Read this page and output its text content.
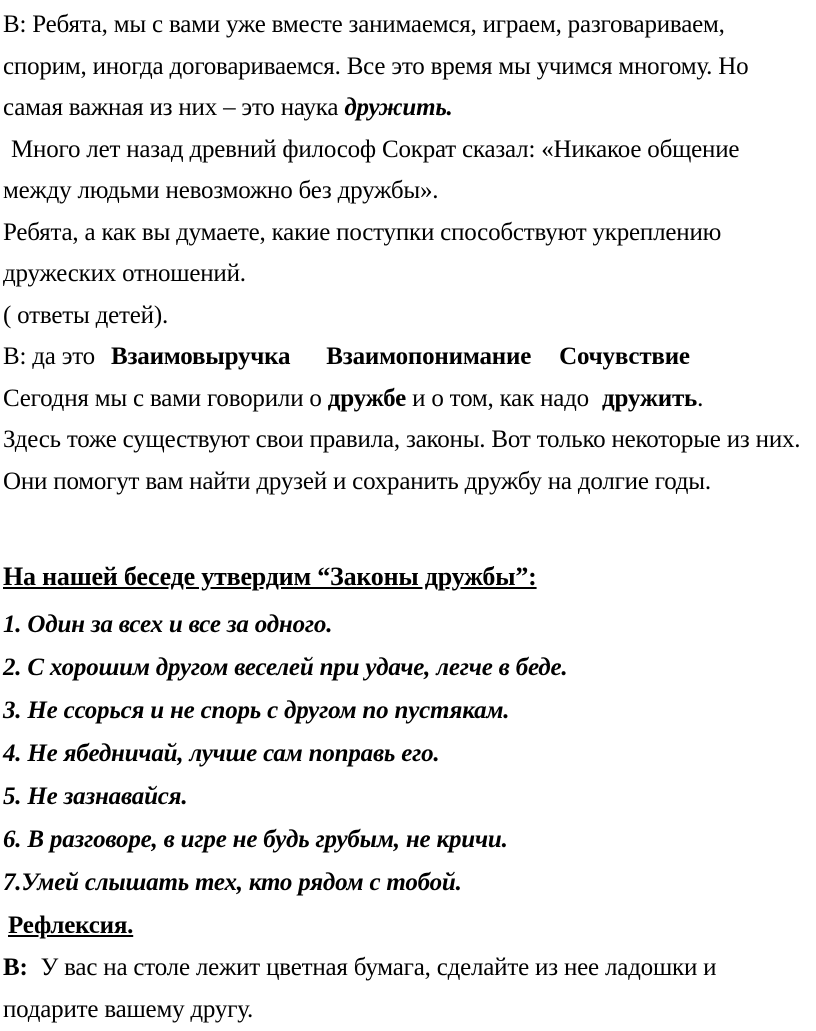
В: Ребята, мы с вами уже вместе занимаемся, играем, разговариваем, спорим, иногда договариваемся. Все это время мы учимся многому. Но самая важная из них – это наука дружить.

Много лет назад древний философ Сократ сказал: «Никакое общение между людьми невозможно без дружбы».

Ребята, а как вы думаете, какие поступки способствуют укреплению дружеских отношений.

( ответы детей).

В: да это Взаимовыручка Взаимопонимание Сочувствие

Сегодня мы с вами говорили о дружбе и о том, как надо дружить.

Здесь тоже существуют свои правила, законы. Вот только некоторые из них.

Они помогут вам найти друзей и сохранить дружбу на долгие годы.

На нашей беседе утвердим “Законы дружбы”:

1. Один за всех и все за одного.

2. С хорошим другом веселей при удаче, легче в беде.

3. Не ссорься и не спорь с другом по пустякам.

4. Не ябедничай, лучше сам поправь его.

5. Не зазнавайся.

6. В разговоре, в игре не будь грубым, не кричи.

7.Умей слышать тех, кто рядом с тобой.

Рефлексия.

В: У вас на столе лежит цветная бумага, сделайте из нее ладошки и подарите вашему другу.
